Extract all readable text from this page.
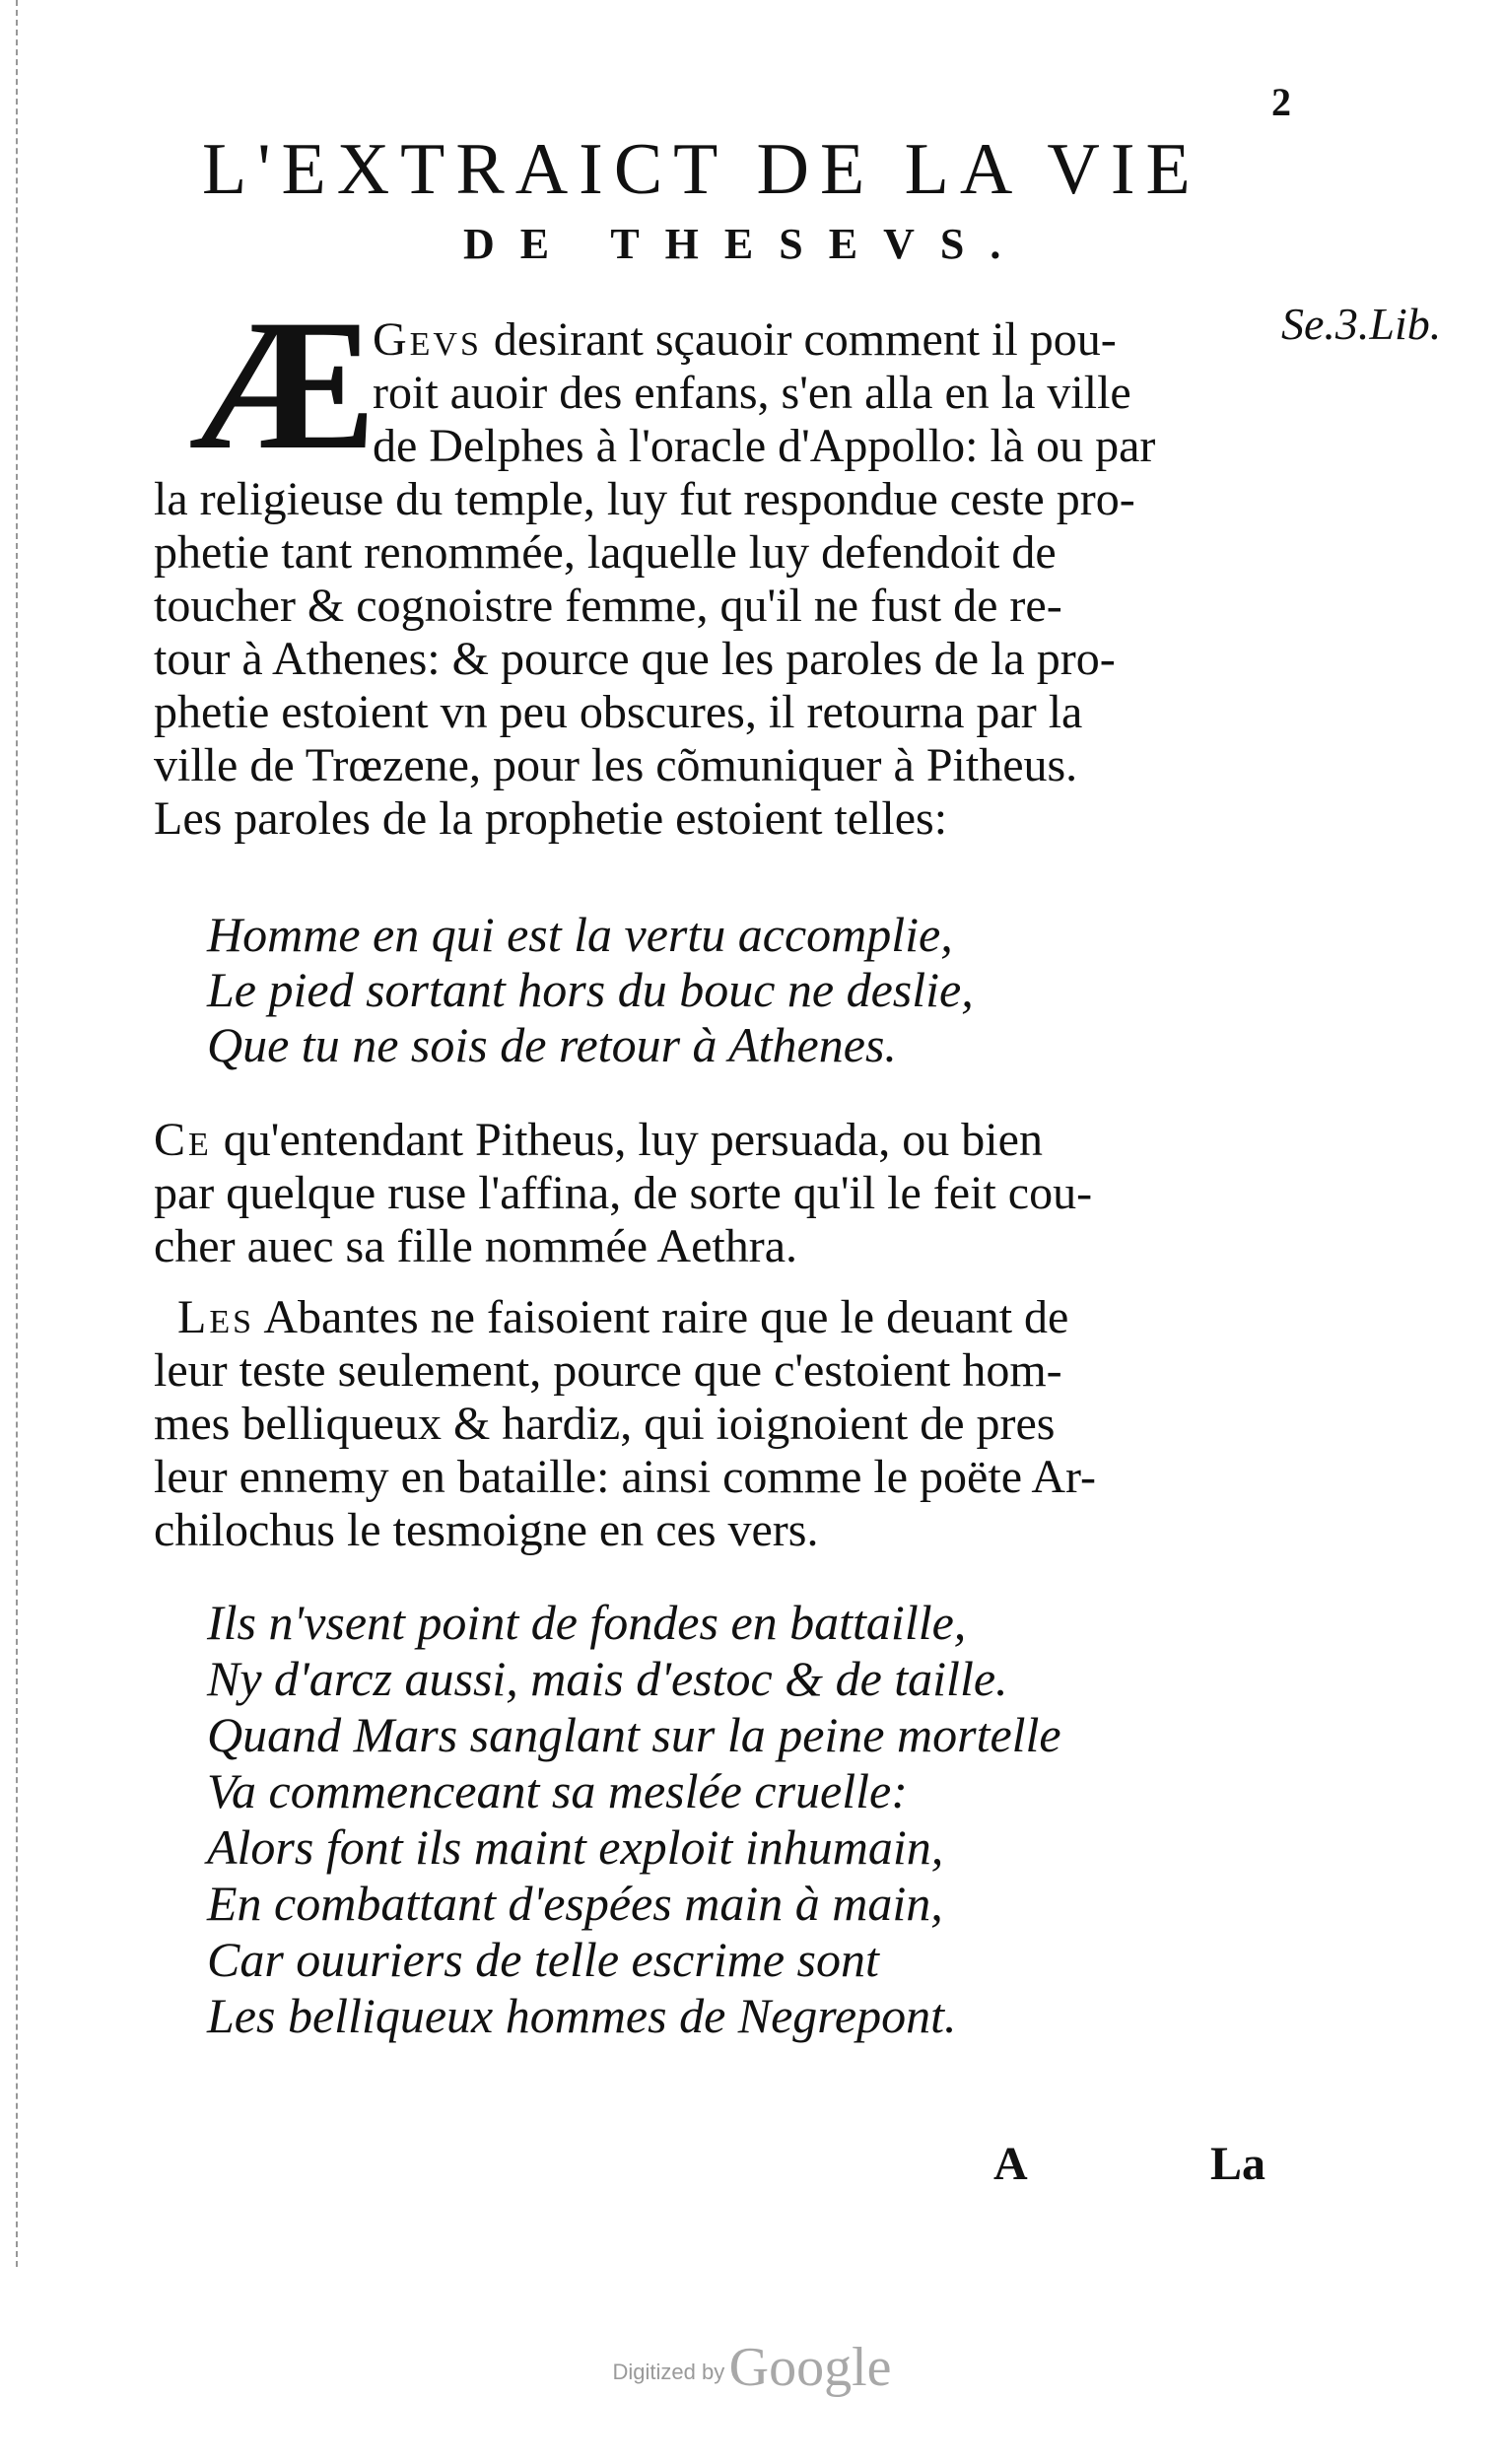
2
Se.3.Lib.
L'EXTRAICT DE LA VIE
DE THESEVS.
Æ
Gevs desirant sçauoir comment il pou-
roit auoir des enfans, s'en alla en la ville
de Delphes à l'oracle d'Appollo: là ou par
la religieuse du temple, luy fut respondue ceste pro-
phetie tant renommée, laquelle luy defendoit de
toucher & cognoistre femme, qu'il ne fust de re-
tour à Athenes: & pource que les paroles de la pro-
phetie estoient vn peu obscures, il retourna par la
ville de Trœzene, pour les cõmuniquer à Pitheus.
Les paroles de la prophetie estoient telles:
Homme en qui est la vertu accomplie,
Le pied sortant hors du bouc ne deslie,
Que tu ne sois de retour à Athenes.
Ce qu'entendant Pitheus, luy persuada, ou bien
par quelque ruse l'affina, de sorte qu'il le feit cou-
cher auec sa fille nommée Aethra.
Les Abantes ne faisoient raire que le deuant de
leur teste seulement, pource que c'estoient hom-
mes belliqueux & hardiz, qui ioignoient de pres
leur ennemy en bataille: ainsi comme le poëte Ar-
chilochus le tesmoigne en ces vers.
Ils n'vsent point de fondes en battaille,
Ny d'arcz aussi, mais d'estoc & de taille.
Quand Mars sanglant sur la peine mortelle
Va commenceant sa meslée cruelle:
Alors font ils maint exploit inhumain,
En combattant d'espées main à main,
Car ouuriers de telle escrime sont
Les belliqueux hommes de Negrepont.
A	La
Digitized by Google
